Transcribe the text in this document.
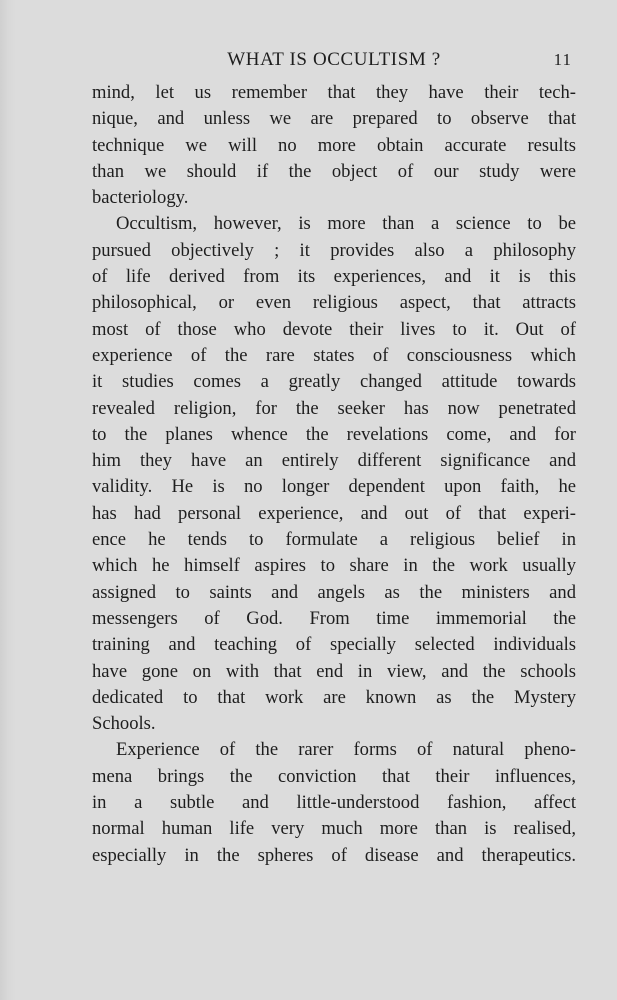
WHAT IS OCCULTISM ?	11

mind, let us remember that they have their tech-
nique, and unless we are prepared to observe that
technique we will no more obtain accurate results
than we should if the object of our study were
bacteriology.

Occultism, however, is more than a science to be
pursued objectively ; it provides also a philosophy
of life derived from its experiences, and it is this
philosophical, or even religious aspect, that attracts
most of those who devote their lives to it. Out of
experience of the rare states of consciousness which
it studies comes a greatly changed attitude towards
revealed religion, for the seeker has now penetrated
to the planes whence the revelations come, and for
him they have an entirely different significance and
validity. He is no longer dependent upon faith, he
has had personal experience, and out of that experi-
ence he tends to formulate a religious belief in
which he himself aspires to share in the work usually
assigned to saints and angels as the ministers and
messengers of God. From time immemorial the
training and teaching of specially selected individuals
have gone on with that end in view, and the schools
dedicated to that work are known as the Mystery
Schools.

Experience of the rarer forms of natural pheno-
mena brings the conviction that their influences,
in a subtle and little-understood fashion, affect
normal human life very much more than is realised,
especially in the spheres of disease and therapeutics.
